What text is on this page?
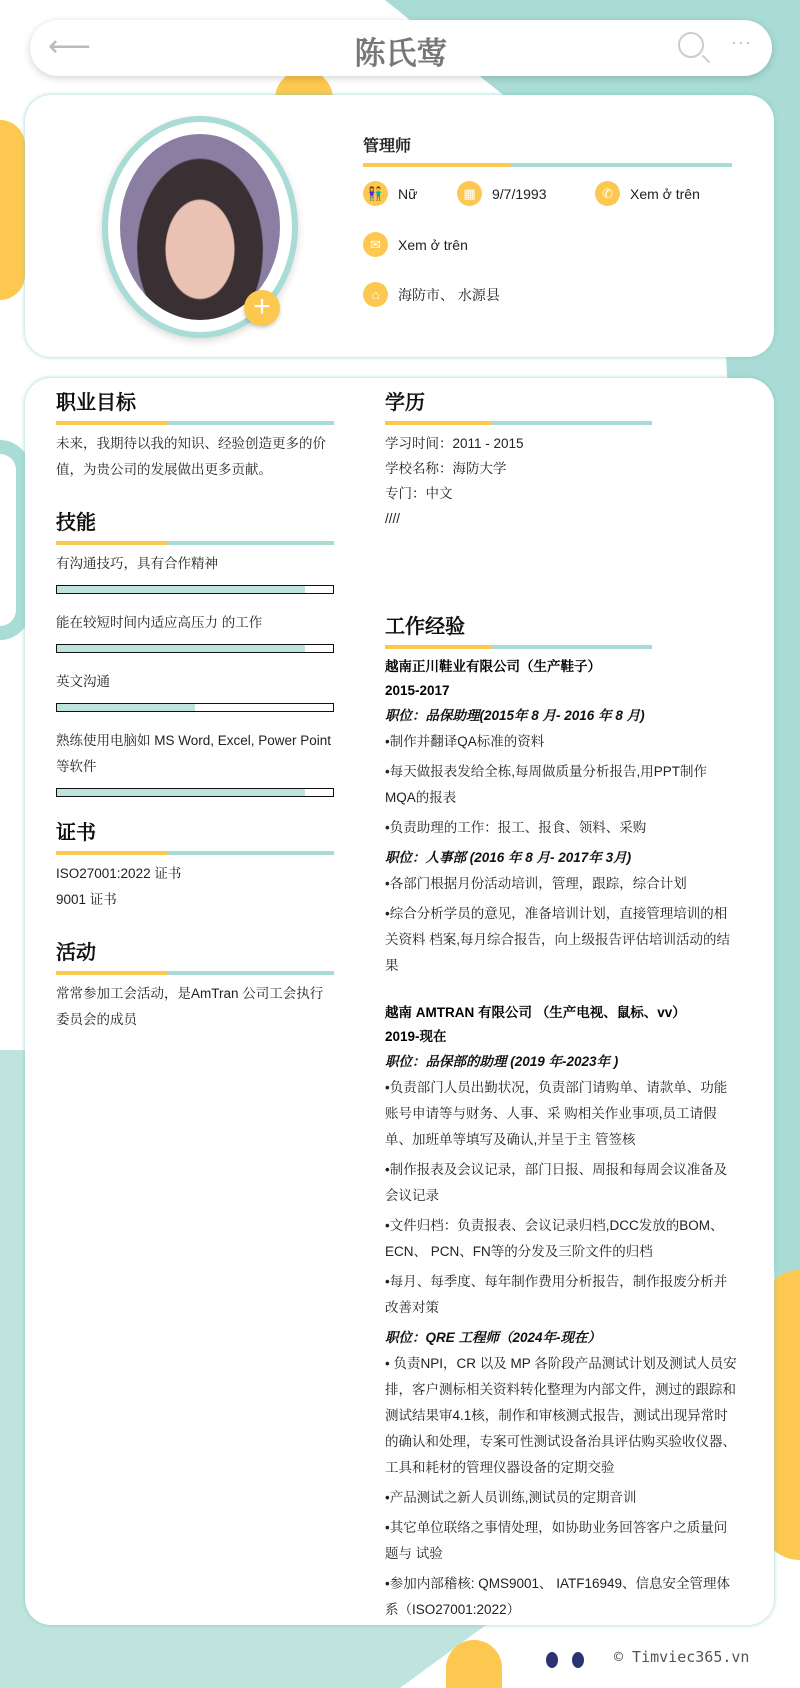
⟵	陈氏莺	···
+
管理师
👫	Nữ	▦	9/7/1993	✆	Xem ở trên
✉	Xem ở trên
⌂	海防市、 水源县
职业目标
未来，我期待以我的知识、经验创造更多的价值，为贵公司的发展做出更多贡献。
技能
有沟通技巧，具有合作精神
能在较短时间内适应高压力 的工作
英文沟通
熟练使用电脑如 MS Word, Excel, Power Point 等软件
证书
ISO27001:2022 证书
9001 证书
活动
常常参加工会活动，是AmTran 公司工会执行委员会的成员
学历
学习时间：2011 - 2015
学校名称：海防大学
专门：中文
////
工作经验
越南正川鞋业有限公司（生产鞋子）
2015-2017
职位：品保助理(2015年 8 月- 2016 年 8 月)
•制作并翻译QA标准的资料
•每天做报表发给全栋,每周做质量分析报告,用PPT制作MQA的报表
•负责助理的工作：报工、报食、领料、采购
职位：人事部 (2016 年 8 月- 2017年 3月)
•各部门根据月份活动培训，管理，跟踪，综合计划
•综合分析学员的意见，准备培训计划，直接管理培训的相关资料 档案,每月综合报告，向上级报告评估培训活动的结果
越南 AMTRAN 有限公司 （生产电视、鼠标、vv）
2019-现在
职位：品保部的助理 (2019 年-2023年 )
•负责部门人员出勤状况，负责部门请购单、请款单、功能账号申请等与财务、人事、采 购相关作业事项,员工请假单、加班单等填写及确认,并呈于主 管签核
•制作报表及会议记录，部门日报、周报和每周会议准备及会议记录
•文件归档：负责报表、会议记录归档,DCC发放的BOM、ECN、 PCN、FN等的分发及三阶文件的归档
•每月、每季度、每年制作费用分析报告，制作报废分析并改善对策
职位：QRE 工程师（2024年-现在）
• 负责NPI，CR 以及 MP 各阶段产品测试计划及测试人员安排，客户测标相关资料转化整理为内部文件，测过的跟踪和测试结果审4.1核，制作和审核测式报告，测试出现异常时的确认和处理，专案可性测试设备治具评估购买验收仪器、工具和耗材的管理仪器设备的定期交验
•产品测试之新人员训练,测试员的定期音训
•其它单位联络之事情处理，如协助业务回答客户之质量问题与 试验
•参加内部稽核: QMS9001、 IATF16949、信息安全管理体系（ISO27001:2022）
© Timviec365.vn
